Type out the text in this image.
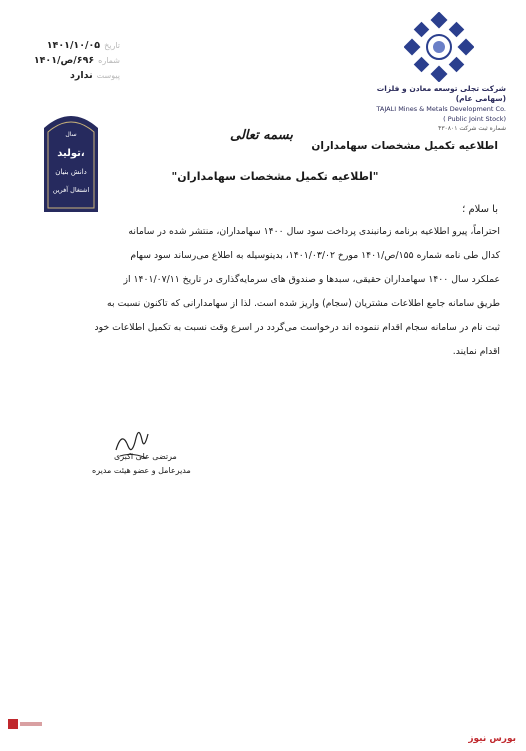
تاریخ
۱۴۰۱/۱۰/۰۵
شماره
۶۹۶/ص/۱۴۰۱
پیوست
ندارد
شرکت تجلی توسعه معادن و فلزات (سهامی عام)
TAJALI Mines & Metals Development Co.
( Public Joint Stock)
شماره ثبت شرکت ۴۳۰۸۰۱
سال
تولید،
دانش بنیان
اشتغال آفرین
بسمه تعالی
اطلاعیه تکمیل مشخصات سهامداران
"اطلاعیه تکمیل مشخصات سهامداران"
با سلام ؛

احتراماً، پیرو اطلاعیه برنامه زمانبندی پرداخت سود سال ۱۴۰۰ سهامداران، منتشر شده در سامانه

کدال طی نامه شماره ۱۵۵/ص/۱۴۰۱ مورخ ۱۴۰۱/۰۳/۰۲، بدینوسیله به اطلاع می‌رساند سود سهام

عملکرد سال ۱۴۰۰ سهامداران حقیقی، سبدها و صندوق های سرمایه‌گذاری در تاریخ ۱۴۰۱/۰۷/۱۱ از

طریق سامانه جامع اطلاعات مشتریان (سجام) واریز شده است. لذا از سهامدارانی که تاکنون نسبت به

ثبت نام در سامانه سجام اقدام ننموده اند درخواست می‌گردد در اسرع وقت نسبت به تکمیل اطلاعات خود

اقدام نمایند.

مرتضی علی اکبری
مدیرعامل و عضو هیئت مدیره
بورس نیوز
